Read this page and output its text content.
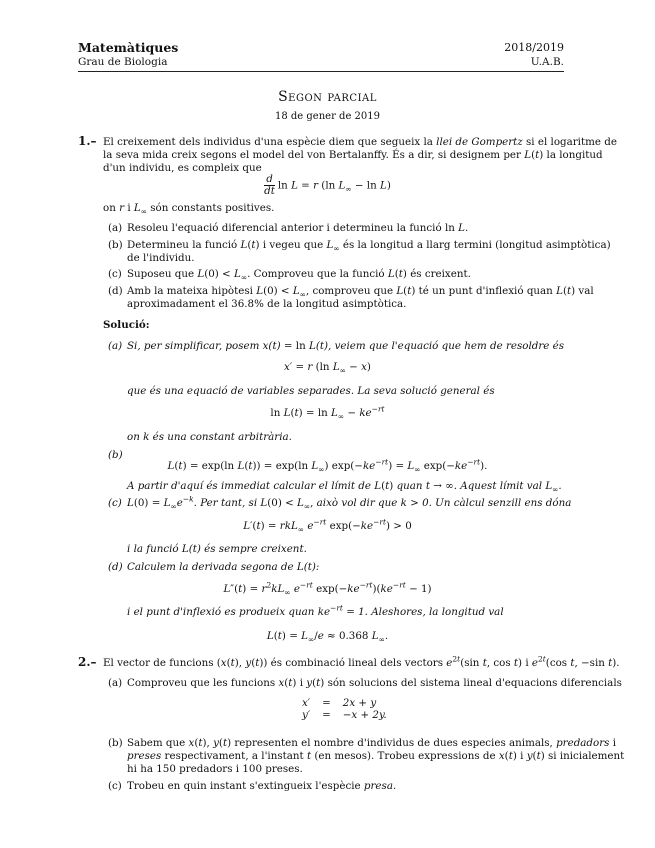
Matemàtiques
Grau de Biologia
2018/2019
U.A.B.
Segon parcial
18 de gener de 2019
1.– El creixement dels individus d'una espècie diem que segueix la llei de Gompertz si el logaritme de
la seva mida creix segons el model del von Bertalanffy. És a dir, si designem per L(t) la longitud
d'un individu, es compleix que
$\frac{d}{dt}$ ln L = r (ln $L_\infty - \ln L$)
on r i $L_\infty$ són constants positives.
(a) Resoleu l'equació diferencial anterior i determineu la funció ln L.
(b) Determineu la funció L(t) i vegeu que $L_\infty$ és la longitud a llarg termini (longitud asimptòtica)
de l'individu.
(c) Suposeu que $L(0) < L_\infty$. Comproveu que la funció L(t) és creixent.
(d) Amb la mateixa hipòtesi $L(0) < L_\infty$, comproveu que L(t) té un punt d'inflexió quan L(t) val
aproximadament el 36.8% de la longitud asimptòtica.
Solució:
(a) Si, per simplificar, posem x(t) = ln L(t), veiem que l'equació que hem de resoldre és
x′ = r (ln $L_\infty - x$)
que és una equació de variables separades. La seva solució general és
$\ln L(t) = \ln L_\infty - ke^{-rt}$
on k és una constant arbitrària.
(b)
L(t) = exp(ln L(t)) = exp(ln $L_\infty$) $\exp(-ke^{-rt}) = L_\infty$ $\exp(-ke^{-rt})$.
A partir d'aquí és immediat calcular el límit de L(t) quan t → ∞. Aquest límit val $L_\infty$.
(c) $L(0) = L_\infty e^{-k}$. Per tant, si $L(0) < L_\infty$, això vol dir que k > 0. Un càlcul senzill ens dóna
L′(t) = rkL$_\infty$ $e^{-rt}$ $\exp(-ke^{-rt}) > 0$
i la funció L(t) és sempre creixent.
(d) Calculem la derivada segona de L(t):
$L''(t) = r^2kL_\infty$ $e^{-rt}$ $\exp(-ke^{-rt})(ke^{-rt} - 1)$
i el punt d'inflexió es produeix quan $ke^{-rt} = 1$. Aleshores, la longitud val
$L(t) = L_\infty/e \approx 0.368$ $L_\infty$.
2.– El vector de funcions (x(t), y(t)) és combinació lineal dels vectors $e^{2t}(\sin$ t, cos t) i $e^{2t}(\cos$ t, −sin t).
(a) Comproveu que les funcions x(t) i y(t) són solucions del sistema lineal d'equacions diferencials
x′	=	2x + y
y′	=	−x + 2y.
(b) Sabem que x(t), y(t) representen el nombre d'individus de dues especies animals, predadors i
preses respectivament, a l'instant t (en mesos). Trobeu expressions de x(t) i y(t) si inicialement
hi ha 150 predadors i 100 preses.
(c) Trobeu en quin instant s'extingueix l'espècie presa.
